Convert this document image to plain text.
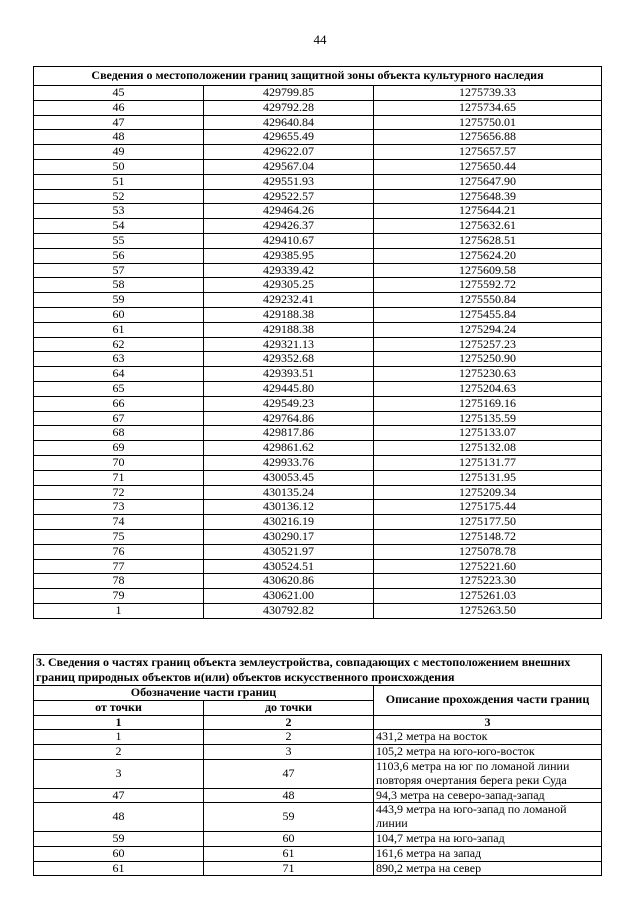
44
Сведения о местоположении границ защитной зоны объекта культурного наследия		
45	429799.85	1275739.33
46	429792.28	1275734.65
47	429640.84	1275750.01
48	429655.49	1275656.88
49	429622.07	1275657.57
50	429567.04	1275650.44
51	429551.93	1275647.90
52	429522.57	1275648.39
53	429464.26	1275644.21
54	429426.37	1275632.61
55	429410.67	1275628.51
56	429385.95	1275624.20
57	429339.42	1275609.58
58	429305.25	1275592.72
59	429232.41	1275550.84
60	429188.38	1275455.84
61	429188.38	1275294.24
62	429321.13	1275257.23
63	429352.68	1275250.90
64	429393.51	1275230.63
65	429445.80	1275204.63
66	429549.23	1275169.16
67	429764.86	1275135.59
68	429817.86	1275133.07
69	429861.62	1275132.08
70	429933.76	1275131.77
71	430053.45	1275131.95
72	430135.24	1275209.34
73	430136.12	1275175.44
74	430216.19	1275177.50
75	430290.17	1275148.72
76	430521.97	1275078.78
77	430524.51	1275221.60
78	430620.86	1275223.30
79	430621.00	1275261.03
1	430792.82	1275263.50
3. Сведения о частях границ объекта землеустройства, совпадающих с местоположением внешних границ природных объектов и(или) объектов искусственного происхождения		
Обозначение части границ		Описание прохождения части границ
от точки	до точки	
1	2	3
1	2	431,2 метра на восток
2	3	105,2 метра на юго-юго-восток
3	47	1103,6 метра на юг по ломаной линии повторяя очертания берега реки Суда
47	48	94,3 метра на северо-запад-запад
48	59	443,9 метра на юго-запад по ломаной линии
59	60	104,7 метра на юго-запад
60	61	161,6 метра на запад
61	71	890,2 метра на север
